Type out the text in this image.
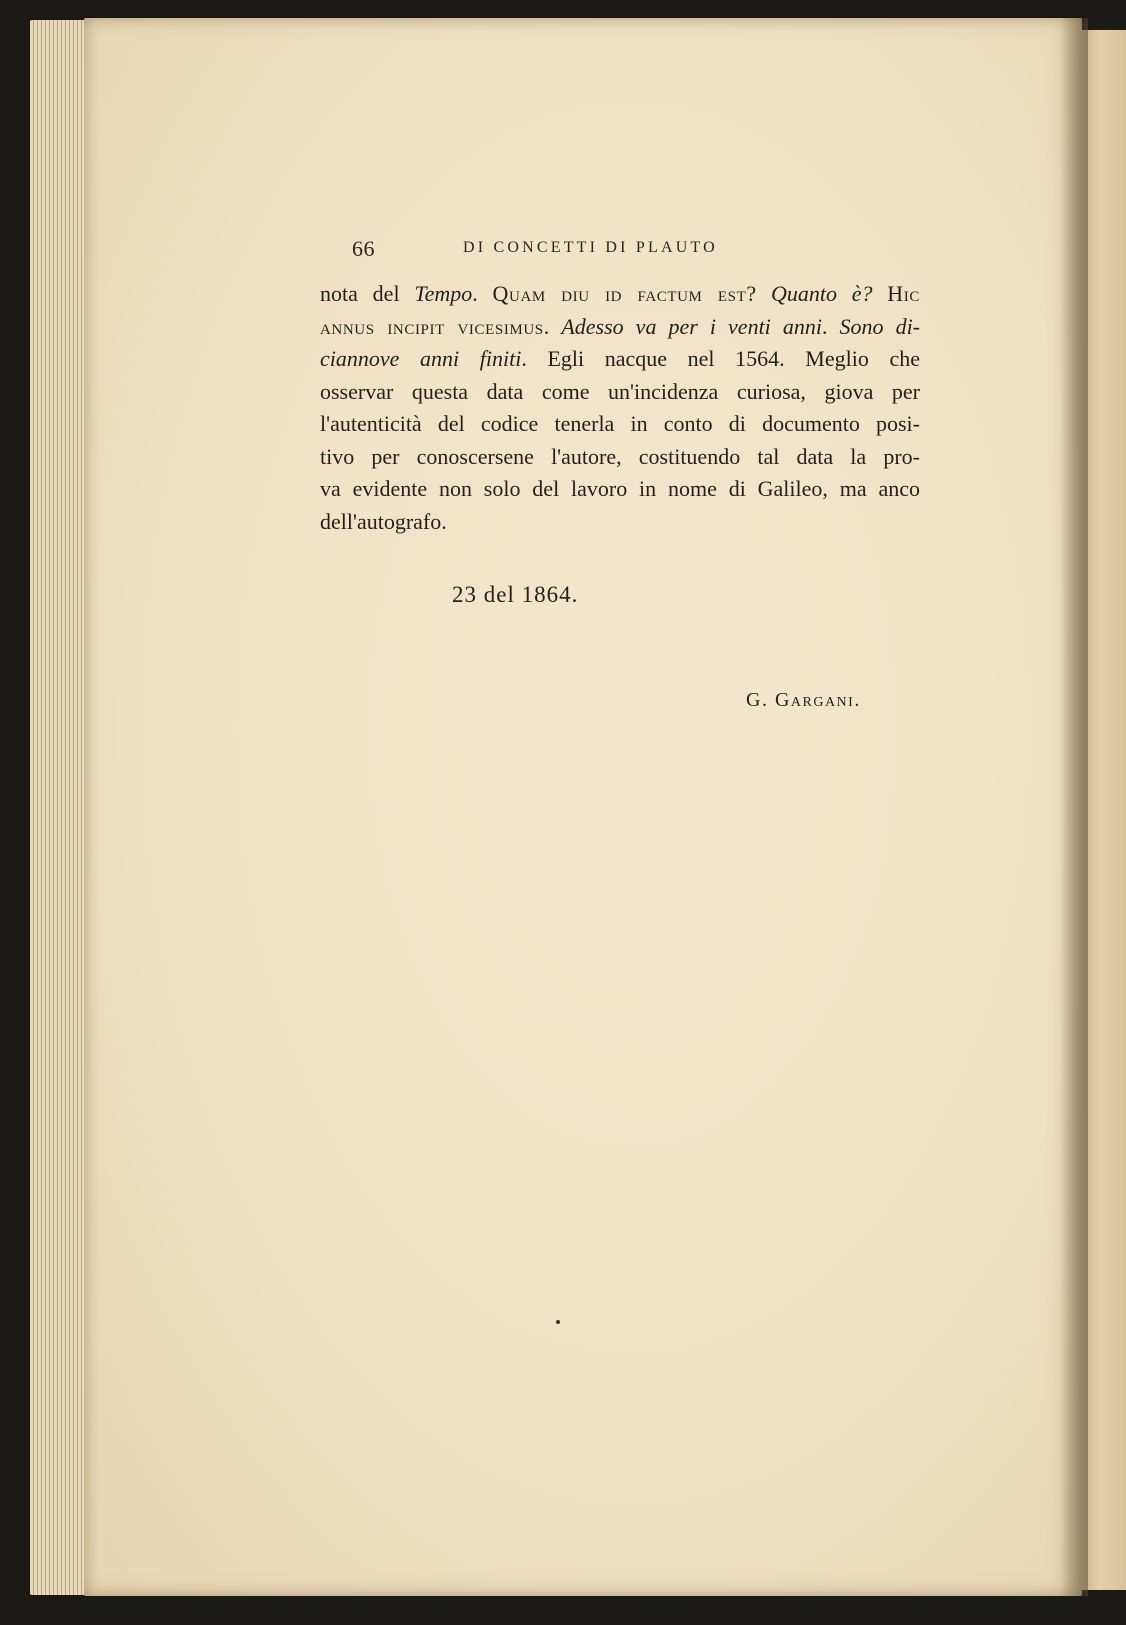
66	DI CONCETTI DI PLAUTO
nota del Tempo. Quam diu id factum est? Quanto è? Hic
annus incipit vicesimus. Adesso va per i venti anni. Sono di-
ciannove anni finiti. Egli nacque nel 1564. Meglio che
osservar questa data come un'incidenza curiosa, giova per
l'autenticità del codice tenerla in conto di documento posi-
tivo per conoscersene l'autore, costituendo tal data la pro-
va evidente non solo del lavoro in nome di Galileo, ma anco
dell'autografo.
23 del 1864.
G. Gargani.
